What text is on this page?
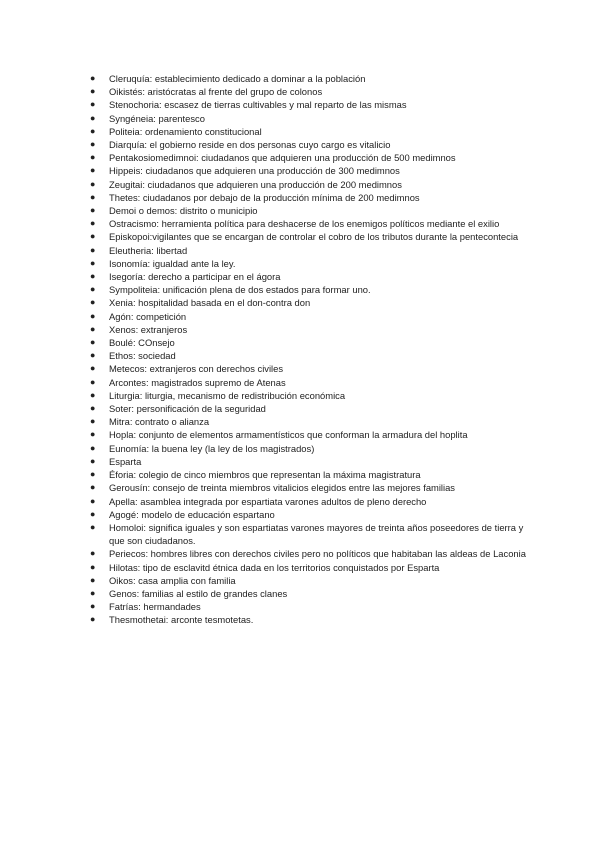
● Cleruquía: establecimiento dedicado a dominar a la población
● Oikistés: aristócratas al frente del grupo de colonos
● Stenochoria: escasez de tierras cultivables y mal reparto de las mismas
● Syngéneia: parentesco
● Politeia: ordenamiento constitucional
● Diarquía: el gobierno reside en dos personas cuyo cargo es vitalicio
● Pentakosiomedimnoi: ciudadanos que adquieren una producción de 500 medimnos
● Hippeis: ciudadanos que adquieren una producción de 300 medimnos
● Zeugitai: ciudadanos que adquieren una producción de 200 medimnos
● Thetes: ciudadanos por debajo de la producción mínima de 200 medimnos
● Demoi o demos: distrito o municipio
● Ostracismo: herramienta política para deshacerse de los enemigos políticos mediante el exilio
● Episkopoi:vigilantes que se encargan de controlar el cobro de los tributos durante la pentecontecia
● Eleutheria: libertad
● Isonomía: igualdad ante la ley.
● Isegoría: derecho a participar en el ágora
● Sympoliteia: unificación plena de dos estados para formar uno.
● Xenia: hospitalidad basada en el don-contra don
● Agón: competición
● Xenos: extranjeros
● Boulé: COnsejo
● Ethos: sociedad
● Metecos: extranjeros con derechos civiles
● Arcontes: magistrados supremo de Atenas
● Liturgia: liturgia, mecanismo de redistribución económica
● Soter: personificación de la seguridad
● Mitra: contrato o alianza
● Hopla: conjunto de elementos armamentísticos que conforman la armadura del hoplita
● Eunomía: la buena ley (la ley de los magistrados)
● Esparta
● Éforia: colegio de cinco miembros que representan la máxima magistratura
● Gerousín: consejo de treinta miembros vitalicios elegidos entre las mejores familias
● Apella: asamblea integrada por espartiata varones adultos de pleno derecho
● Agogé: modelo de educación espartano
● Homoloi: significa iguales y son espartiatas varones mayores de treinta años poseedores de tierra y que son ciudadanos.
● Periecos: hombres libres con derechos civiles pero no políticos que habitaban las aldeas de Laconia
● Hilotas: tipo de esclavitd étnica dada en los territorios conquistados por Esparta
● Oikos: casa amplia con familia
● Genos: familias al estilo de grandes clanes
● Fatrías: hermandades
● Thesmothetai: arconte tesmotetas.
